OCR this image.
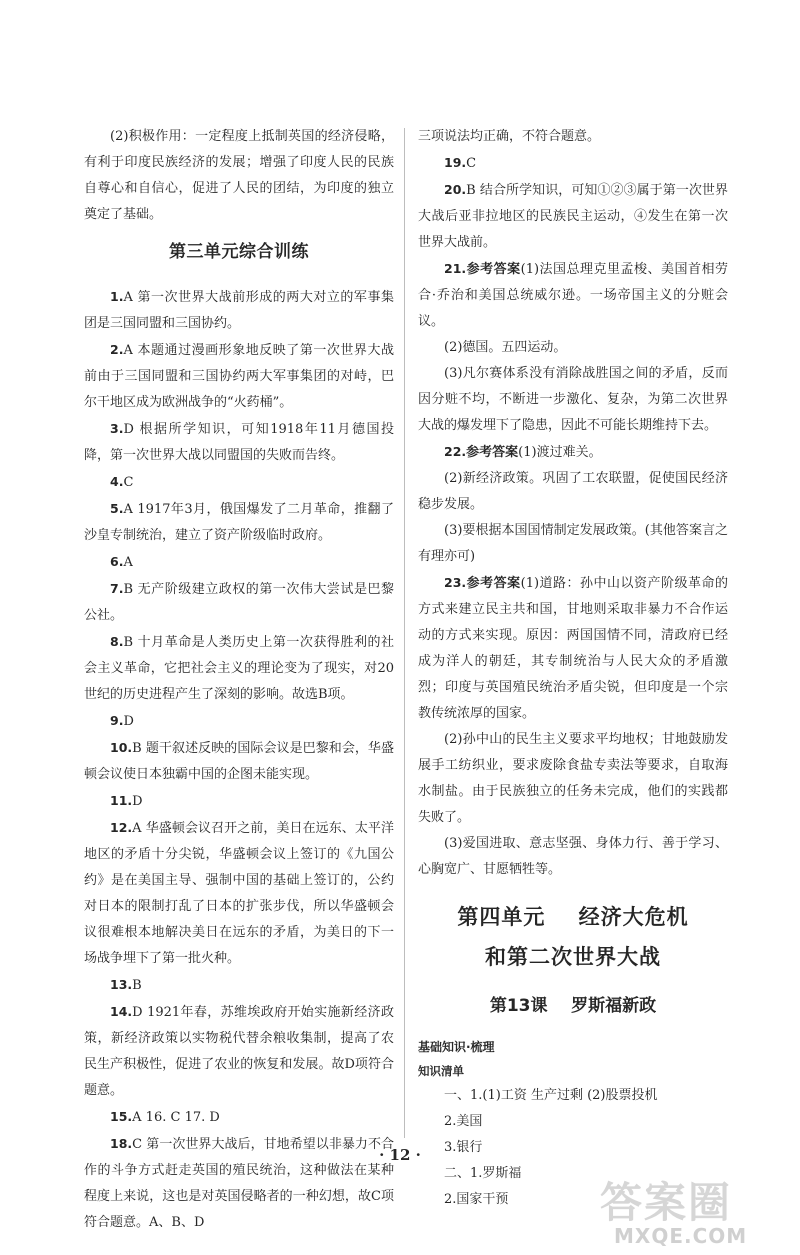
(2)积极作用：一定程度上抵制英国的经济侵略，有利于印度民族经济的发展；增强了印度人民的民族自尊心和自信心，促进了人民的团结，为印度的独立奠定了基础。

第三单元综合训练

1.A 第一次世界大战前形成的两大对立的军事集团是三国同盟和三国协约。

2.A 本题通过漫画形象地反映了第一次世界大战前由于三国同盟和三国协约两大军事集团的对峙，巴尔干地区成为欧洲战争的“火药桶”。

3.D 根据所学知识，可知1918年11月德国投降，第一次世界大战以同盟国的失败而告终。

4.C

5.A 1917年3月，俄国爆发了二月革命，推翻了沙皇专制统治，建立了资产阶级临时政府。

6.A

7.B 无产阶级建立政权的第一次伟大尝试是巴黎公社。

8.B 十月革命是人类历史上第一次获得胜利的社会主义革命，它把社会主义的理论变为了现实，对20世纪的历史进程产生了深刻的影响。故选B项。

9.D

10.B 题干叙述反映的国际会议是巴黎和会，华盛顿会议使日本独霸中国的企图未能实现。

11.D

12.A 华盛顿会议召开之前，美日在远东、太平洋地区的矛盾十分尖锐，华盛顿会议上签订的《九国公约》是在美国主导、强制中国的基础上签订的，公约对日本的限制打乱了日本的扩张步伐，所以华盛顿会议很难根本地解决美日在远东的矛盾，为美日的下一场战争埋下了第一批火种。

13.B

14.D 1921年春，苏维埃政府开始实施新经济政策，新经济政策以实物税代替余粮收集制，提高了农民生产积极性，促进了农业的恢复和发展。故D项符合题意。

15.A 16. C 17. D

18.C 第一次世界大战后，甘地希望以非暴力不合作的斗争方式赶走英国的殖民统治，这种做法在某种程度上来说，这也是对英国侵略者的一种幻想，故C项符合题意。A、B、D

三项说法均正确，不符合题意。

19.C

20.B 结合所学知识，可知①②③属于第一次世界大战后亚非拉地区的民族民主运动，④发生在第一次世界大战前。

21.参考答案(1)法国总理克里孟梭、美国首相劳合·乔治和美国总统威尔逊。一场帝国主义的分赃会议。

(2)德国。五四运动。

(3)凡尔赛体系没有消除战胜国之间的矛盾，反而因分赃不均，不断进一步激化、复杂，为第二次世界大战的爆发埋下了隐患，因此不可能长期维持下去。

22.参考答案(1)渡过难关。

(2)新经济政策。巩固了工农联盟，促使国民经济稳步发展。

(3)要根据本国国情制定发展政策。(其他答案言之有理亦可)

23.参考答案(1)道路：孙中山以资产阶级革命的方式来建立民主共和国，甘地则采取非暴力不合作运动的方式来实现。原因：两国国情不同，清政府已经成为洋人的朝廷，其专制统治与人民大众的矛盾激烈；印度与英国殖民统治矛盾尖锐，但印度是一个宗教传统浓厚的国家。

(2)孙中山的民生主义要求平均地权；甘地鼓励发展手工纺织业，要求废除食盐专卖法等要求，自取海水制盐。由于民族独立的任务未完成，他们的实践都失败了。

(3)爱国进取、意志坚强、身体力行、善于学习、心胸宽广、甘愿牺牲等。

第四单元    经济大危机
和第二次世界大战
第13课    罗斯福新政
基础知识·梳理
知识清单

一、1.(1)工资 生产过剩 (2)股票投机

2.美国

3.银行

二、1.罗斯福

2.国家干预

· 12 ·
答案圈
MXQE.COM
